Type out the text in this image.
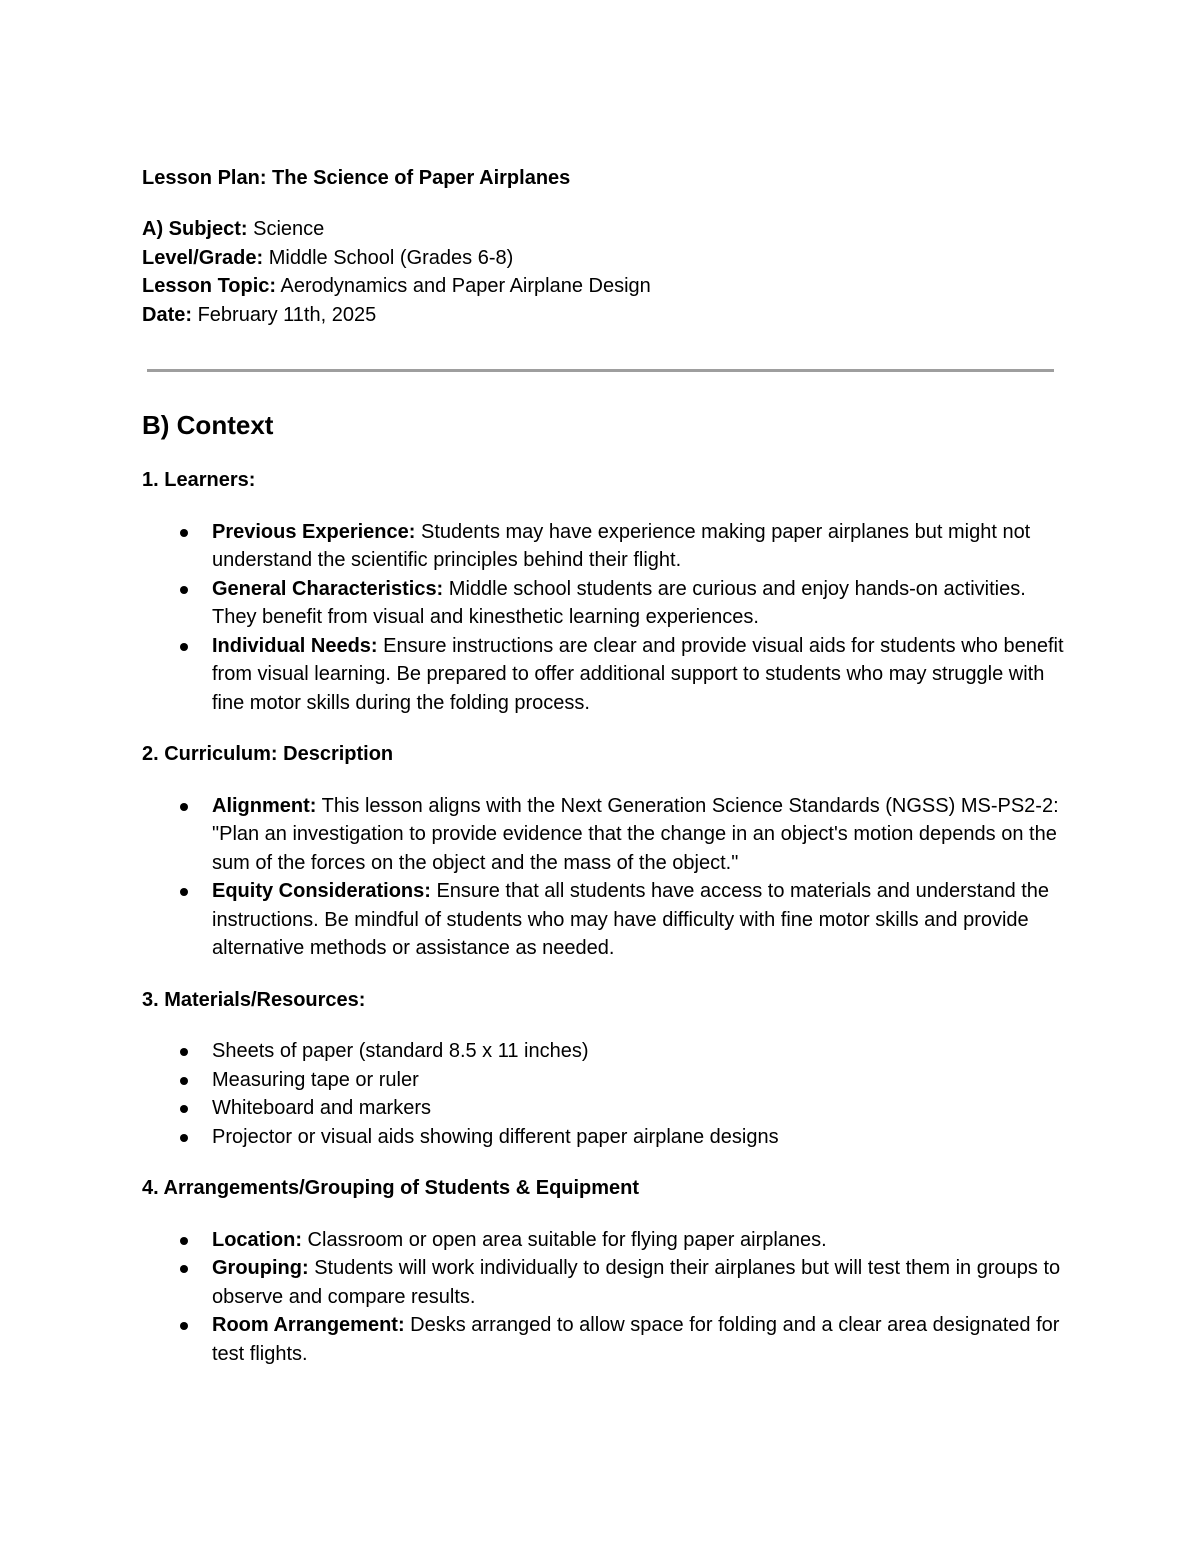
Lesson Plan: The Science of Paper Airplanes

A) Subject: Science

Level/Grade: Middle School (Grades 6-8)

Lesson Topic: Aerodynamics and Paper Airplane Design

Date: February 11th, 2025

B) Context

1. Learners:

Previous Experience: Students may have experience making paper airplanes but might not understand the scientific principles behind their flight.
General Characteristics: Middle school students are curious and enjoy hands-on activities. They benefit from visual and kinesthetic learning experiences.
Individual Needs: Ensure instructions are clear and provide visual aids for students who benefit from visual learning. Be prepared to offer additional support to students who may struggle with fine motor skills during the folding process.

2. Curriculum: Description

Alignment: This lesson aligns with the Next Generation Science Standards (NGSS) MS-PS2-2: "Plan an investigation to provide evidence that the change in an object's motion depends on the sum of the forces on the object and the mass of the object."
Equity Considerations: Ensure that all students have access to materials and understand the instructions. Be mindful of students who may have difficulty with fine motor skills and provide alternative methods or assistance as needed.

3. Materials/Resources:

Sheets of paper (standard 8.5 x 11 inches)
Measuring tape or ruler
Whiteboard and markers
Projector or visual aids showing different paper airplane designs

4. Arrangements/Grouping of Students & Equipment

Location: Classroom or open area suitable for flying paper airplanes.
Grouping: Students will work individually to design their airplanes but will test them in groups to observe and compare results.
Room Arrangement: Desks arranged to allow space for folding and a clear area designated for test flights.
